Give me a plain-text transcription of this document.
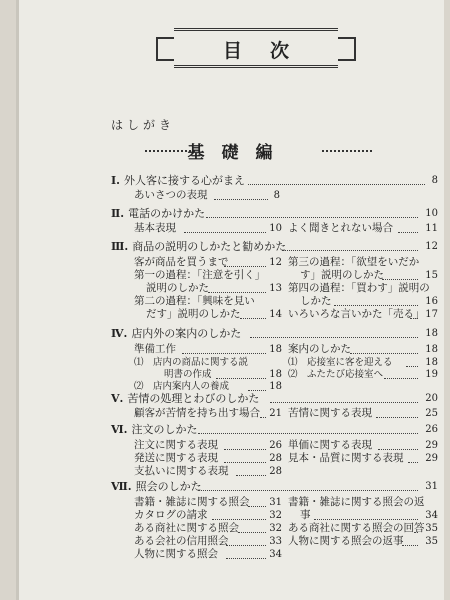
目次
はしがき
基礎編
Ⅰ. 外人客に接する心がまえ	8
あいさつの表現	8
Ⅱ. 電話のかけかた	10
基本表現	10 よく聞きとれない場合	11
Ⅲ. 商品の説明のしかたと勧めかた	12
客が商品を買うまで	12
第一の過程：「注意を引く」
説明のしかた	13
第二の過程：「興味を見い
だす」説明のしかた	14
第三の過程：「欲望をいだか
す」説明のしかた	15
第四の過程：「買わす」説明の
しかた	16
いろいろな言いかた「売る」 17
Ⅳ. 店内外の案内のしかた	18
準備工作	18
⑴　店内の商品に関する説
明書の作成	18
⑵　店内案内人の養成	18
案内のしかた	18
⑴　応接室に客を迎える	18
⑵　ふたたび応接室へ	19
Ⅴ. 苦情の処理とわびのしかた	20
顧客が苦情を持ち出す場合 21 苦情に関する表現	25
Ⅵ. 注文のしかた	26
注文に関する表現	26
発送に関する表現	28
支払いに関する表現	28
単価に関する表現	29
見本・品質に関する表現	29
Ⅶ. 照会のしかた	31
書籍・雑誌に関する照会	31
カタログの請求	32
ある商社に関する照会	32
ある会社の信用照会	33
人物に関する照会	34
書籍・雑誌に関する照会の返
事	34
ある商社に関する照会の回答 35
人物に関する照会の返事	35
